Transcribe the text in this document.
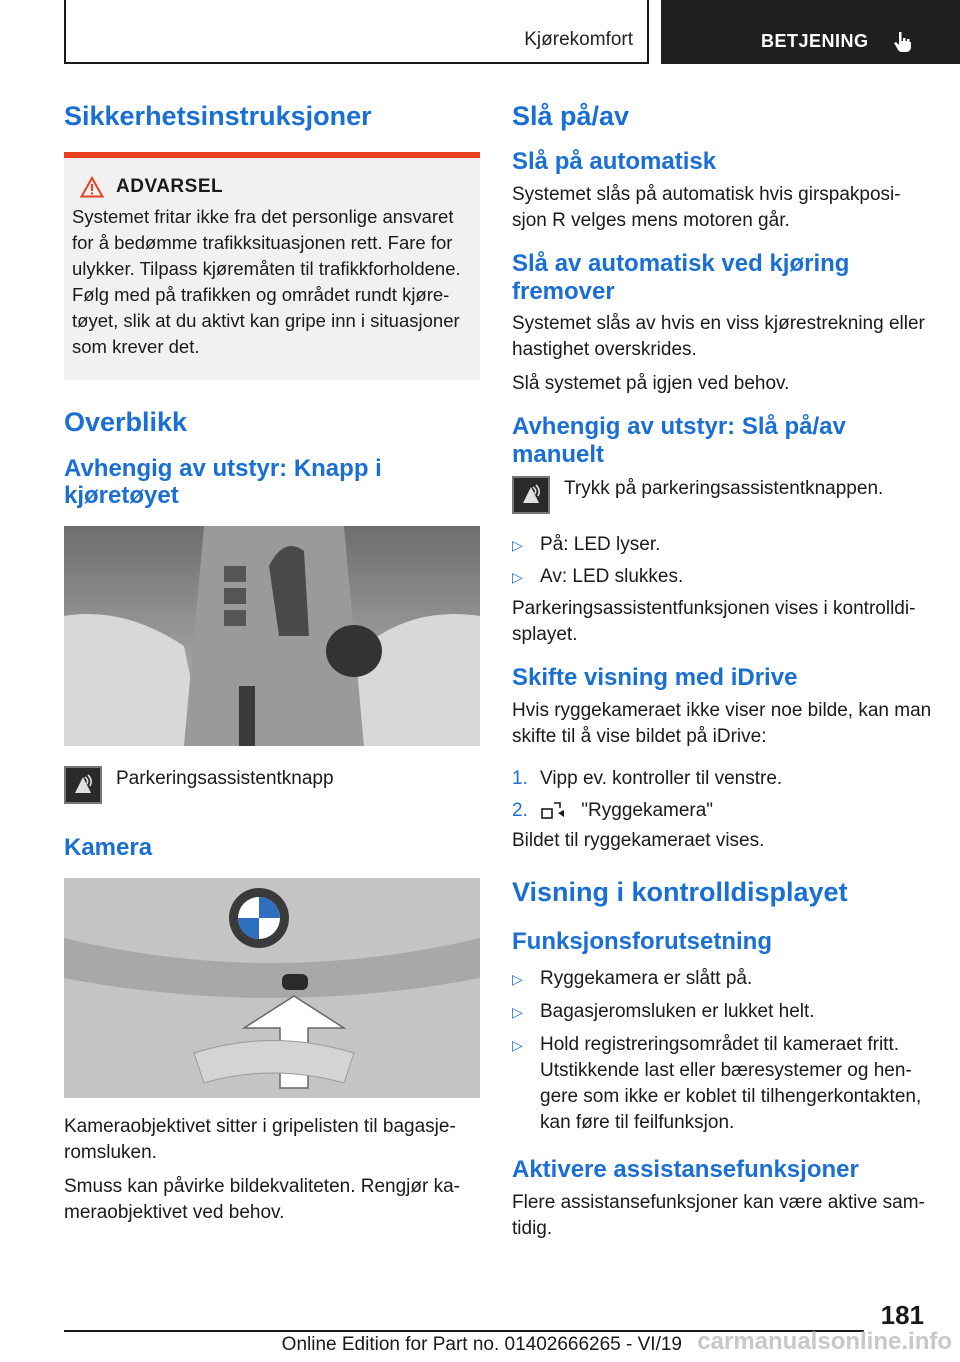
Kjørekomfort	BETJENING
Sikkerhetsinstruksjoner
ADVARSEL

Systemet fritar ikke fra det personlige ansvaret

for å bedømme trafikksituasjonen rett. Fare for

ulykker. Tilpass kjøremåten til trafikkforholdene.

Følg med på trafikken og området rundt kjøre-

tøyet, slik at du aktivt kan gripe inn i situasjoner

som krever det.

Overblikk
Avhengig av utstyr: Knapp i kjøretøyet

Parkeringsassistentknapp

Kamera

Kameraobjektivet sitter i gripelisten til bagasje-

romsluken.

Smuss kan påvirke bildekvaliteten. Rengjør ka-

meraobjektivet ved behov.

Slå på/av
Slå på automatisk

Systemet slås på automatisk hvis girspakposi-

sjon R velges mens motoren går.

Slå av automatisk ved kjøring fremover

Systemet slås av hvis en viss kjørestrekning eller

hastighet overskrides.

Slå systemet på igjen ved behov.

Avhengig av utstyr: Slå på/av manuelt

Trykk på parkeringsassistentknappen.

▷ På: LED lyser.
▷ Av: LED slukkes.

Parkeringsassistentfunksjonen vises i kontrolldi-

splayet.

Skifte visning med iDrive

Hvis ryggekameraet ikke viser noe bilde, kan man

skifte til å vise bildet på iDrive:

1. Vipp ev. kontroller til venstre.
2.	"Ryggekamera"

Bildet til ryggekameraet vises.

Visning i kontrolldisplayet
Funksjonsforutsetning
▷ Ryggekamera er slått på.
▷ Bagasjeromsluken er lukket helt.
▷ Hold registreringsområdet til kameraet fritt.
Utstikkende last eller bæresystemer og hen-
gere som ikke er koblet til tilhengerkontakten,
kan føre til feilfunksjon.
Aktivere assistansefunksjoner

Flere assistansefunksjoner kan være aktive sam-

tidig.

181
Online Edition for Part no. 01402666265 - VI/19 carmanualsonline.info
